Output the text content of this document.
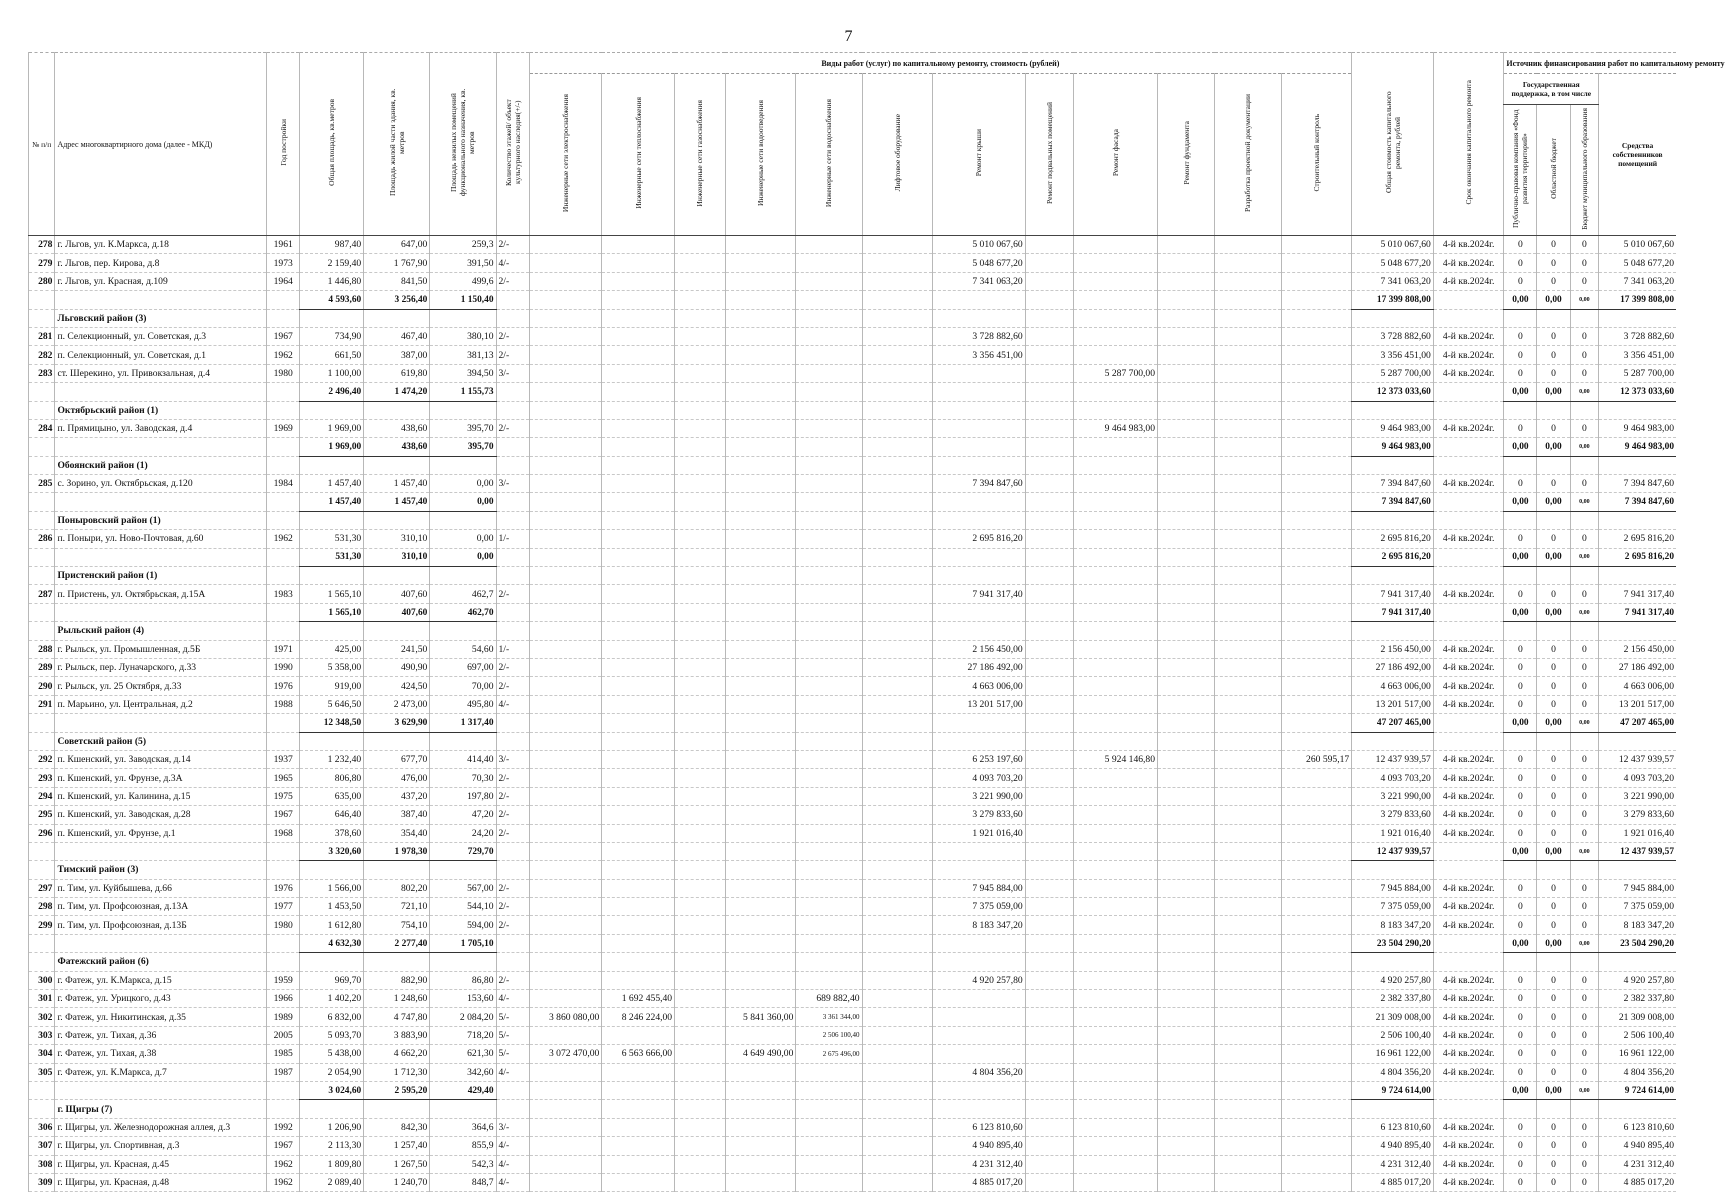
7
№ п/п	Адрес многоквартирного дома (далее - МКД)	Год постройки	Общая площадь, кв.метров	Площадь жилой части здания, кв. метров	Площадь нежилых помещений функционального назначения, кв. метров	Количество этажей/ объект культурного наследия(+/-)	Виды работ (услуг) по капитальному ремонту, стоимость (рублей)												Общая стоимость капитального ремонта, рублей	Срок окончания капитального ремонта	Источник финансирования работ по капитальному ремонту			
							Инженерные сети электроснабжения	Инженерные сети теплоснабжения	Инженерные сети газоснабжения	Инженерные сети водоотведения	Инженерные сети водоснабжения	Лифтовое оборудование	Ремонт крыши	Ремонт подвальных помещений	Ремонт фасада	Ремонт фундамента	Разработка проектной документации	Строительный контроль			Государственная поддержка, в том числе			Средства собственников помещений

																					Публично-правовая компания «Фонд развития территорий»	Областной бюджет	Бюджет муниципального образования	
278	г. Льгов, ул. К.Маркса, д.18	1961	987,40	647,00	259,3	2/-							5 010 067,60						5 010 067,60	4-й кв.2024г.	0	0	0	5 010 067,60
279	г. Льгов, пер. Кирова, д.8	1973	2 159,40	1 767,90	391,50	4/-							5 048 677,20						5 048 677,20	4-й кв.2024г.	0	0	0	5 048 677,20
280	г. Льгов, ул. Красная, д.109	1964	1 446,80	841,50	499,6	2/-							7 341 063,20						7 341 063,20	4-й кв.2024г.	0	0	0	7 341 063,20
			4 593,60	3 256,40	1 150,40														17 399 808,00		0,00	0,00	0,00	17 399 808,00
	Льговский район (3)																							
281	п. Селекционный, ул. Советская, д.3	1967	734,90	467,40	380,10	2/-							3 728 882,60						3 728 882,60	4-й кв.2024г.	0	0	0	3 728 882,60
282	п. Селекционный, ул. Советская, д.1	1962	661,50	387,00	381,13	2/-							3 356 451,00						3 356 451,00	4-й кв.2024г.	0	0	0	3 356 451,00
283	ст. Шерекино, ул. Привокзальная, д.4	1980	1 100,00	619,80	394,50	3/-									5 287 700,00				5 287 700,00	4-й кв.2024г.	0	0	0	5 287 700,00
			2 496,40	1 474,20	1 155,73														12 373 033,60		0,00	0,00	0,00	12 373 033,60
	Октябрьский район (1)																							
284	п. Прямицыно, ул. Заводская, д.4	1969	1 969,00	438,60	395,70	2/-									9 464 983,00				9 464 983,00	4-й кв.2024г.	0	0	0	9 464 983,00
			1 969,00	438,60	395,70														9 464 983,00		0,00	0,00	0,00	9 464 983,00
	Обоянский район (1)																							
285	с. Зорино, ул. Октябрьская, д.120	1984	1 457,40	1 457,40	0,00	3/-							7 394 847,60						7 394 847,60	4-й кв.2024г.	0	0	0	7 394 847,60
			1 457,40	1 457,40	0,00														7 394 847,60		0,00	0,00	0,00	7 394 847,60
	Поныровский район (1)																							
286	п. Поныри, ул. Ново-Почтовая, д.60	1962	531,30	310,10	0,00	1/-							2 695 816,20						2 695 816,20	4-й кв.2024г.	0	0	0	2 695 816,20
			531,30	310,10	0,00														2 695 816,20		0,00	0,00	0,00	2 695 816,20
	Пристенский район (1)																							
287	п. Пристень, ул. Октябрьская, д.15А	1983	1 565,10	407,60	462,7	2/-							7 941 317,40						7 941 317,40	4-й кв.2024г.	0	0	0	7 941 317,40
			1 565,10	407,60	462,70														7 941 317,40		0,00	0,00	0,00	7 941 317,40
	Рыльский район (4)																							
288	г. Рыльск, ул. Промышленная, д.5Б	1971	425,00	241,50	54,60	1/-							2 156 450,00						2 156 450,00	4-й кв.2024г.	0	0	0	2 156 450,00
289	г. Рыльск, пер. Луначарского, д.33	1990	5 358,00	490,90	697,00	2/-							27 186 492,00						27 186 492,00	4-й кв.2024г.	0	0	0	27 186 492,00
290	г. Рыльск, ул. 25 Октября, д.33	1976	919,00	424,50	70,00	2/-							4 663 006,00						4 663 006,00	4-й кв.2024г.	0	0	0	4 663 006,00
291	п. Марьино, ул. Центральная, д.2	1988	5 646,50	2 473,00	495,80	4/-							13 201 517,00						13 201 517,00	4-й кв.2024г.	0	0	0	13 201 517,00
			12 348,50	3 629,90	1 317,40														47 207 465,00		0,00	0,00	0,00	47 207 465,00
	Советский район (5)																							
292	п. Кшенский, ул. Заводская, д.14	1937	1 232,40	677,70	414,40	3/-							6 253 197,60		5 924 146,80			260 595,17	12 437 939,57	4-й кв.2024г.	0	0	0	12 437 939,57
293	п. Кшенский, ул. Фрунзе, д.3А	1965	806,80	476,00	70,30	2/-							4 093 703,20						4 093 703,20	4-й кв.2024г.	0	0	0	4 093 703,20
294	п. Кшенский, ул. Калинина, д.15	1975	635,00	437,20	197,80	2/-							3 221 990,00						3 221 990,00	4-й кв.2024г.	0	0	0	3 221 990,00
295	п. Кшенский, ул. Заводская, д.28	1967	646,40	387,40	47,20	2/-							3 279 833,60						3 279 833,60	4-й кв.2024г.	0	0	0	3 279 833,60
296	п. Кшенский, ул. Фрунзе, д.1	1968	378,60	354,40	24,20	2/-							1 921 016,40						1 921 016,40	4-й кв.2024г.	0	0	0	1 921 016,40
			3 320,60	1 978,30	729,70														12 437 939,57		0,00	0,00	0,00	12 437 939,57
	Тимский район (3)																							
297	п. Тим, ул. Куйбышева, д.66	1976	1 566,00	802,20	567,00	2/-							7 945 884,00						7 945 884,00	4-й кв.2024г.	0	0	0	7 945 884,00
298	п. Тим, ул. Профсоюзная, д.13А	1977	1 453,50	721,10	544,10	2/-							7 375 059,00						7 375 059,00	4-й кв.2024г.	0	0	0	7 375 059,00
299	п. Тим, ул. Профсоюзная, д.13Б	1980	1 612,80	754,10	594,00	2/-							8 183 347,20						8 183 347,20	4-й кв.2024г.	0	0	0	8 183 347,20
			4 632,30	2 277,40	1 705,10														23 504 290,20		0,00	0,00	0,00	23 504 290,20
	Фатежский район (6)																							
300	г. Фатеж, ул. К.Маркса, д.15	1959	969,70	882,90	86,80	2/-							4 920 257,80						4 920 257,80	4-й кв.2024г.	0	0	0	4 920 257,80
301	г. Фатеж, ул. Урицкого, д.43	1966	1 402,20	1 248,60	153,60	4/-		1 692 455,40			689 882,40								2 382 337,80	4-й кв.2024г.	0	0	0	2 382 337,80
302	г. Фатеж, ул. Никитинская, д.35	1989	6 832,00	4 747,80	2 084,20	5/-	3 860 080,00	8 246 224,00		5 841 360,00	3 361 344,00								21 309 008,00	4-й кв.2024г.	0	0	0	21 309 008,00
303	г. Фатеж, ул. Тихая, д.36	2005	5 093,70	3 883,90	718,20	5/-					2 506 100,40								2 506 100,40	4-й кв.2024г.	0	0	0	2 506 100,40
304	г. Фатеж, ул. Тихая, д.38	1985	5 438,00	4 662,20	621,30	5/-	3 072 470,00	6 563 666,00		4 649 490,00	2 675 496,00								16 961 122,00	4-й кв.2024г.	0	0	0	16 961 122,00
305	г. Фатеж, ул. К.Маркса, д.7	1987	2 054,90	1 712,30	342,60	4/-							4 804 356,20						4 804 356,20	4-й кв.2024г.	0	0	0	4 804 356,20
			3 024,60	2 595,20	429,40														9 724 614,00		0,00	0,00	0,00	9 724 614,00
	г. Щигры (7)																							
306	г. Щигры, ул. Железнодорожная аллея, д.3	1992	1 206,90	842,30	364,6	3/-							6 123 810,60						6 123 810,60	4-й кв.2024г.	0	0	0	6 123 810,60
307	г. Щигры, ул. Спортивная, д.3	1967	2 113,30	1 257,40	855,9	4/-							4 940 895,40						4 940 895,40	4-й кв.2024г.	0	0	0	4 940 895,40
308	г. Щигры, ул. Красная, д.45	1962	1 809,80	1 267,50	542,3	4/-							4 231 312,40						4 231 312,40	4-й кв.2024г.	0	0	0	4 231 312,40
309	г. Щигры, ул. Красная, д.48	1962	2 089,40	1 240,70	848,7	4/-							4 885 017,20						4 885 017,20	4-й кв.2024г.	0	0	0	4 885 017,20
